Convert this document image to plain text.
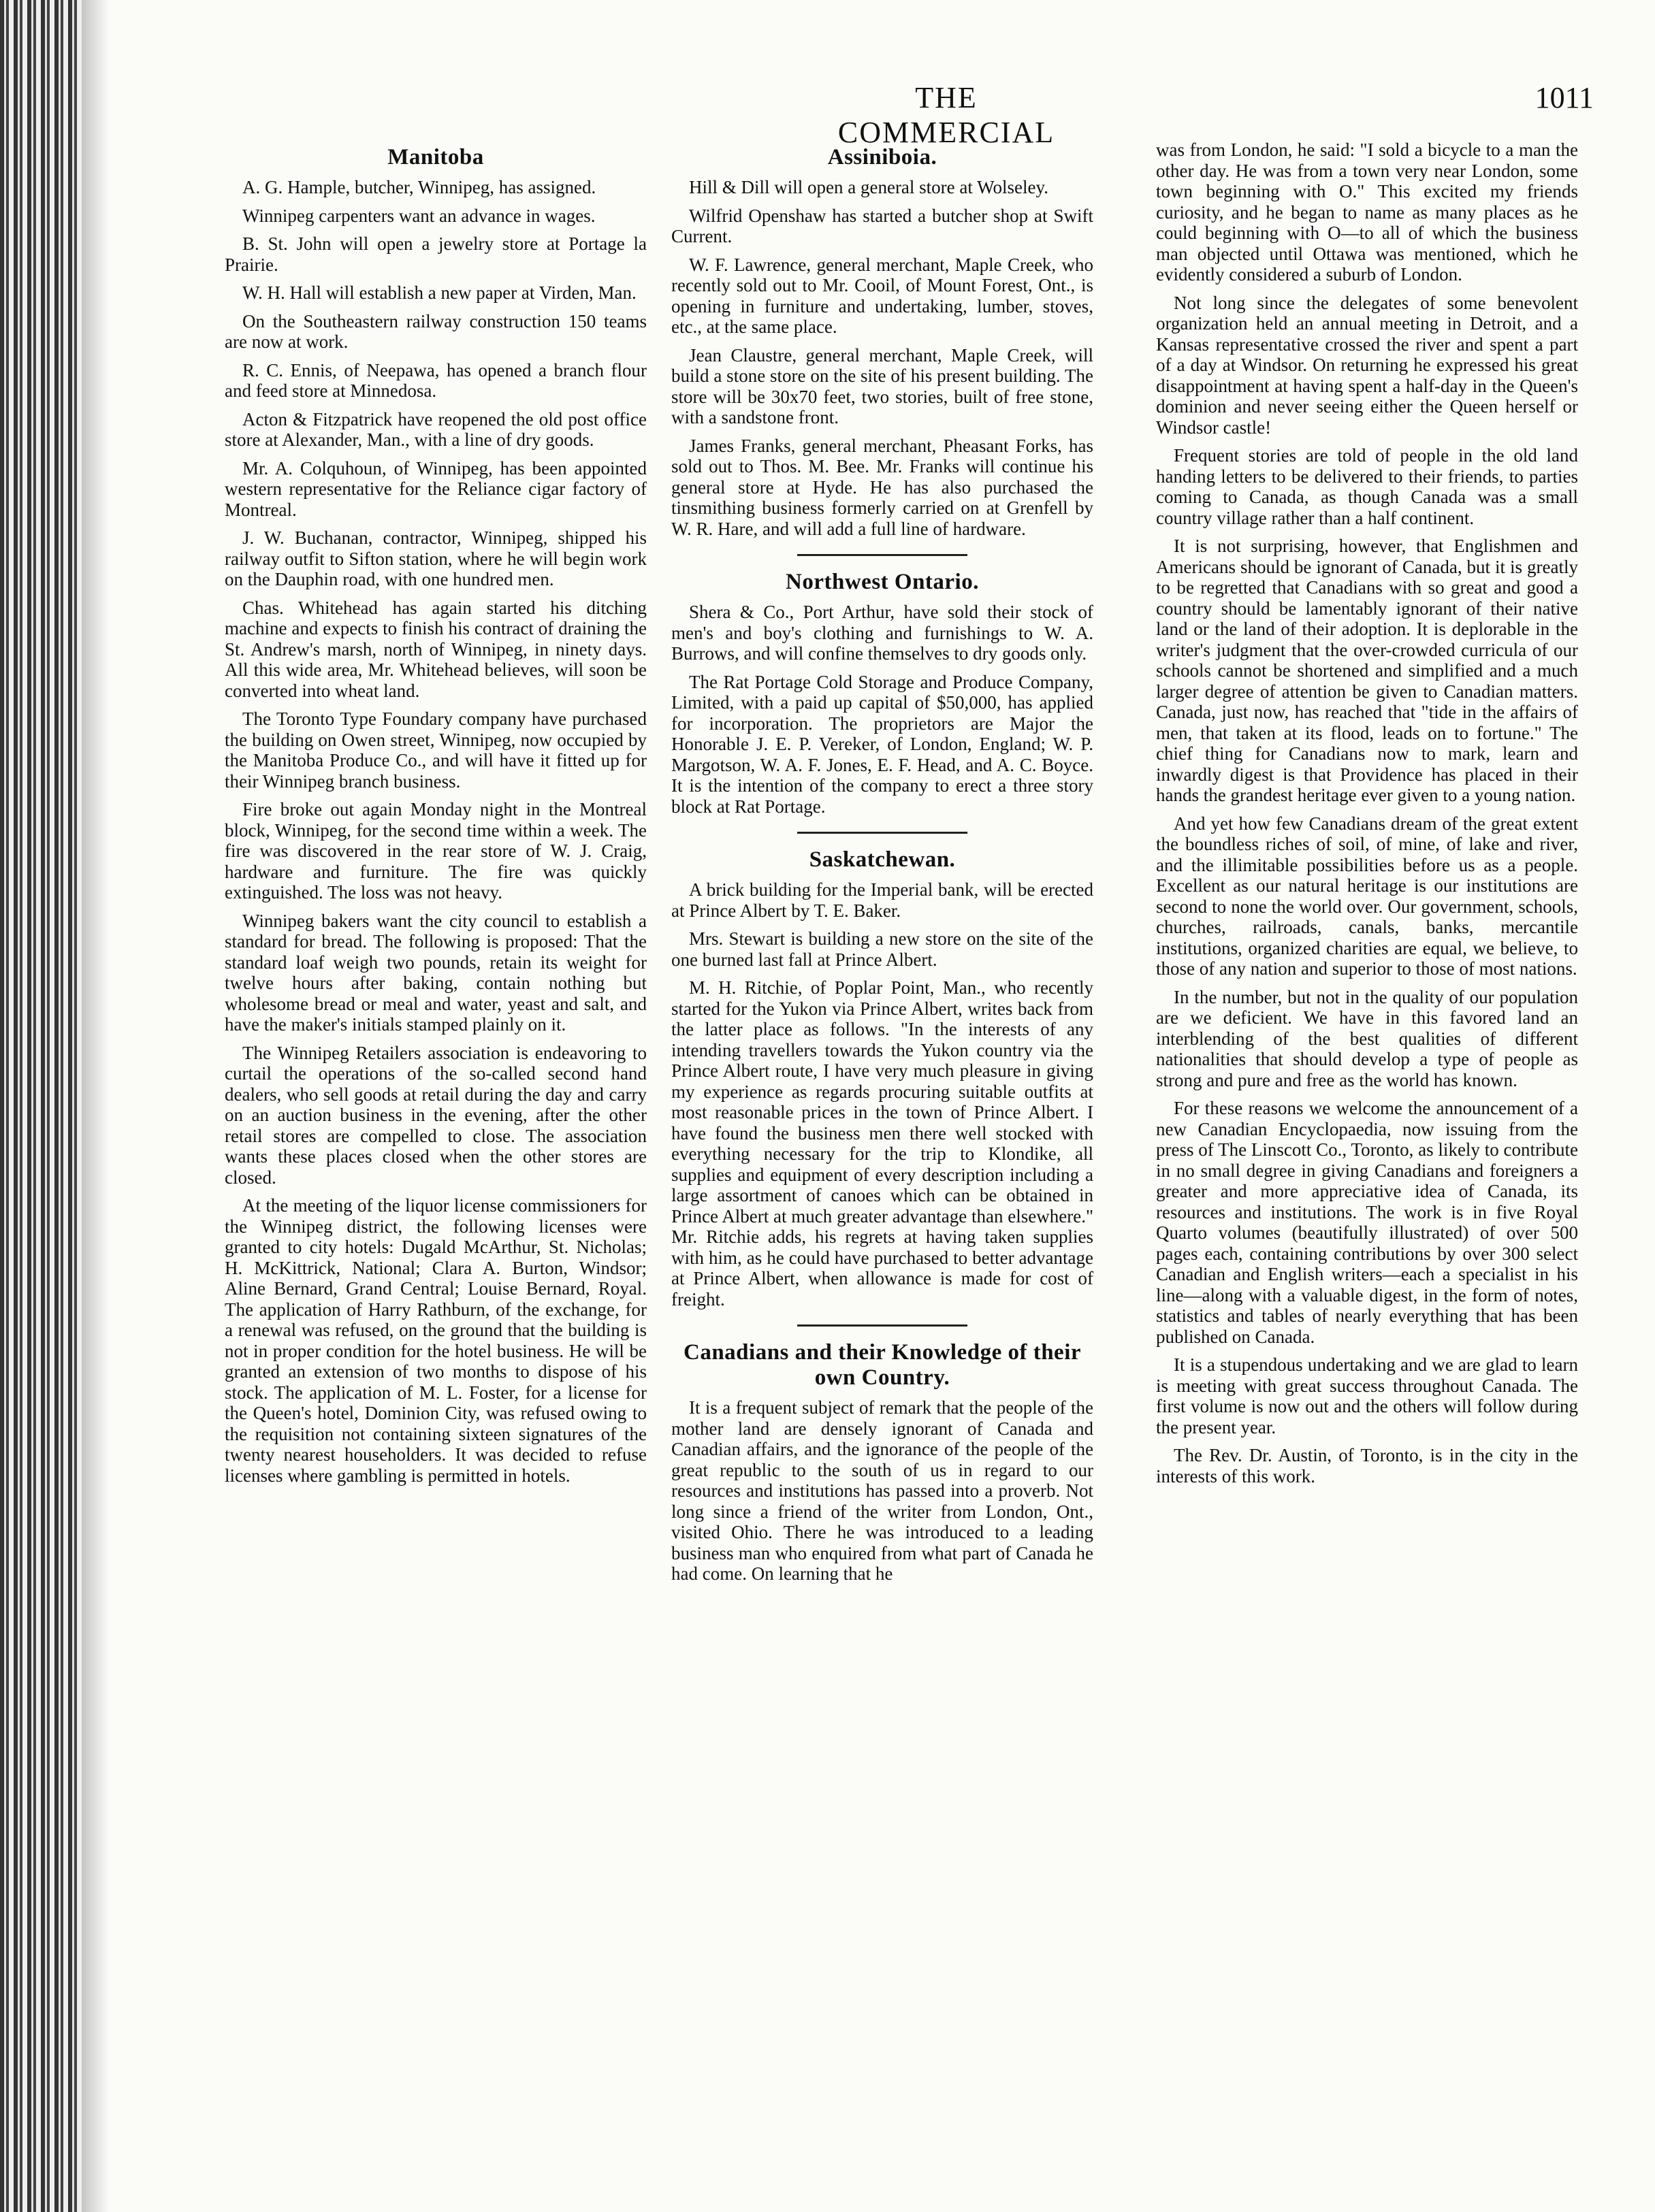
THE COMMERCIAL
1011
Manitoba

A. G. Hample, butcher, Winnipeg, has assigned.

Winnipeg carpenters want an advance in wages.

B. St. John will open a jewelry store at Portage la Prairie.

W. H. Hall will establish a new paper at Virden, Man.

On the Southeastern railway construction 150 teams are now at work.

R. C. Ennis, of Neepawa, has opened a branch flour and feed store at Minnedosa.

Acton & Fitzpatrick have reopened the old post office store at Alexander, Man., with a line of dry goods.

Mr. A. Colquhoun, of Winnipeg, has been appointed western representative for the Reliance cigar factory of Montreal.

J. W. Buchanan, contractor, Winnipeg, shipped his railway outfit to Sifton station, where he will begin work on the Dauphin road, with one hundred men.

Chas. Whitehead has again started his ditching machine and expects to finish his contract of draining the St. Andrew's marsh, north of Winnipeg, in ninety days. All this wide area, Mr. Whitehead believes, will soon be converted into wheat land.

The Toronto Type Foundary company have purchased the building on Owen street, Winnipeg, now occupied by the Manitoba Produce Co., and will have it fitted up for their Winnipeg branch business.

Fire broke out again Monday night in the Montreal block, Winnipeg, for the second time within a week. The fire was discovered in the rear store of W. J. Craig, hardware and furniture. The fire was quickly extinguished. The loss was not heavy.

Winnipeg bakers want the city council to establish a standard for bread. The following is proposed: That the standard loaf weigh two pounds, retain its weight for twelve hours after baking, contain nothing but wholesome bread or meal and water, yeast and salt, and have the maker's initials stamped plainly on it.

The Winnipeg Retailers association is endeavoring to curtail the operations of the so-called second hand dealers, who sell goods at retail during the day and carry on an auction business in the evening, after the other retail stores are compelled to close. The association wants these places closed when the other stores are closed.

At the meeting of the liquor license commissioners for the Winnipeg district, the following licenses were granted to city hotels: Dugald McArthur, St. Nicholas; H. McKittrick, National; Clara A. Burton, Windsor; Aline Bernard, Grand Central; Louise Bernard, Royal. The application of Harry Rathburn, of the exchange, for a renewal was refused, on the ground that the building is not in proper condition for the hotel business. He will be granted an extension of two months to dispose of his stock. The application of M. L. Foster, for a license for the Queen's hotel, Dominion City, was refused owing to the requisition not containing sixteen signatures of the twenty nearest householders. It was decided to refuse licenses where gambling is permitted in hotels.

Assiniboia.

Hill & Dill will open a general store at Wolseley.

Wilfrid Openshaw has started a butcher shop at Swift Current.

W. F. Lawrence, general merchant, Maple Creek, who recently sold out to Mr. Cooil, of Mount Forest, Ont., is opening in furniture and undertaking, lumber, stoves, etc., at the same place.

Jean Claustre, general merchant, Maple Creek, will build a stone store on the site of his present building. The store will be 30x70 feet, two stories, built of free stone, with a sandstone front.

James Franks, general merchant, Pheasant Forks, has sold out to Thos. M. Bee. Mr. Franks will continue his general store at Hyde. He has also purchased the tinsmithing business formerly carried on at Grenfell by W. R. Hare, and will add a full line of hardware.

Northwest Ontario.

Shera & Co., Port Arthur, have sold their stock of men's and boy's clothing and furnishings to W. A. Burrows, and will confine themselves to dry goods only.

The Rat Portage Cold Storage and Produce Company, Limited, with a paid up capital of $50,000, has applied for incorporation. The proprietors are Major the Honorable J. E. P. Vereker, of London, England; W. P. Margotson, W. A. F. Jones, E. F. Head, and A. C. Boyce. It is the intention of the company to erect a three story block at Rat Portage.

Saskatchewan.

A brick building for the Imperial bank, will be erected at Prince Albert by T. E. Baker.

Mrs. Stewart is building a new store on the site of the one burned last fall at Prince Albert.

M. H. Ritchie, of Poplar Point, Man., who recently started for the Yukon via Prince Albert, writes back from the latter place as follows. "In the interests of any intending travellers towards the Yukon country via the Prince Albert route, I have very much pleasure in giving my experience as regards procuring suitable outfits at most reasonable prices in the town of Prince Albert. I have found the business men there well stocked with everything necessary for the trip to Klondike, all supplies and equipment of every description including a large assortment of canoes which can be obtained in Prince Albert at much greater advantage than elsewhere." Mr. Ritchie adds, his regrets at having taken supplies with him, as he could have purchased to better advantage at Prince Albert, when allowance is made for cost of freight.

Canadians and their Knowledge of their own Country.

It is a frequent subject of remark that the people of the mother land are densely ignorant of Canada and Canadian affairs, and the ignorance of the people of the great republic to the south of us in regard to our resources and institutions has passed into a proverb. Not long since a friend of the writer from London, Ont., visited Ohio. There he was introduced to a leading business man who enquired from what part of Canada he had come. On learning that he

was from London, he said: "I sold a bicycle to a man the other day. He was from a town very near London, some town beginning with O." This excited my friends curiosity, and he began to name as many places as he could beginning with O—to all of which the business man objected until Ottawa was mentioned, which he evidently considered a suburb of London.

Not long since the delegates of some benevolent organization held an annual meeting in Detroit, and a Kansas representative crossed the river and spent a part of a day at Windsor. On returning he expressed his great disappointment at having spent a half-day in the Queen's dominion and never seeing either the Queen herself or Windsor castle!

Frequent stories are told of people in the old land handing letters to be delivered to their friends, to parties coming to Canada, as though Canada was a small country village rather than a half continent.

It is not surprising, however, that Englishmen and Americans should be ignorant of Canada, but it is greatly to be regretted that Canadians with so great and good a country should be lamentably ignorant of their native land or the land of their adoption. It is deplorable in the writer's judgment that the over-crowded curricula of our schools cannot be shortened and simplified and a much larger degree of attention be given to Canadian matters. Canada, just now, has reached that "tide in the affairs of men, that taken at its flood, leads on to fortune." The chief thing for Canadians now to mark, learn and inwardly digest is that Providence has placed in their hands the grandest heritage ever given to a young nation.

And yet how few Canadians dream of the great extent the boundless riches of soil, of mine, of lake and river, and the illimitable possibilities before us as a people. Excellent as our natural heritage is our institutions are second to none the world over. Our government, schools, churches, railroads, canals, banks, mercantile institutions, organized charities are equal, we believe, to those of any nation and superior to those of most nations.

In the number, but not in the quality of our population are we deficient. We have in this favored land an interblending of the best qualities of different nationalities that should develop a type of people as strong and pure and free as the world has known.

For these reasons we welcome the announcement of a new Canadian Encyclopaedia, now issuing from the press of The Linscott Co., Toronto, as likely to contribute in no small degree in giving Canadians and foreigners a greater and more appreciative idea of Canada, its resources and institutions. The work is in five Royal Quarto volumes (beautifully illustrated) of over 500 pages each, containing contributions by over 300 select Canadian and English writers—each a specialist in his line—along with a valuable digest, in the form of notes, statistics and tables of nearly everything that has been published on Canada.

It is a stupendous undertaking and we are glad to learn is meeting with great success throughout Canada. The first volume is now out and the others will follow during the present year.

The Rev. Dr. Austin, of Toronto, is in the city in the interests of this work.
